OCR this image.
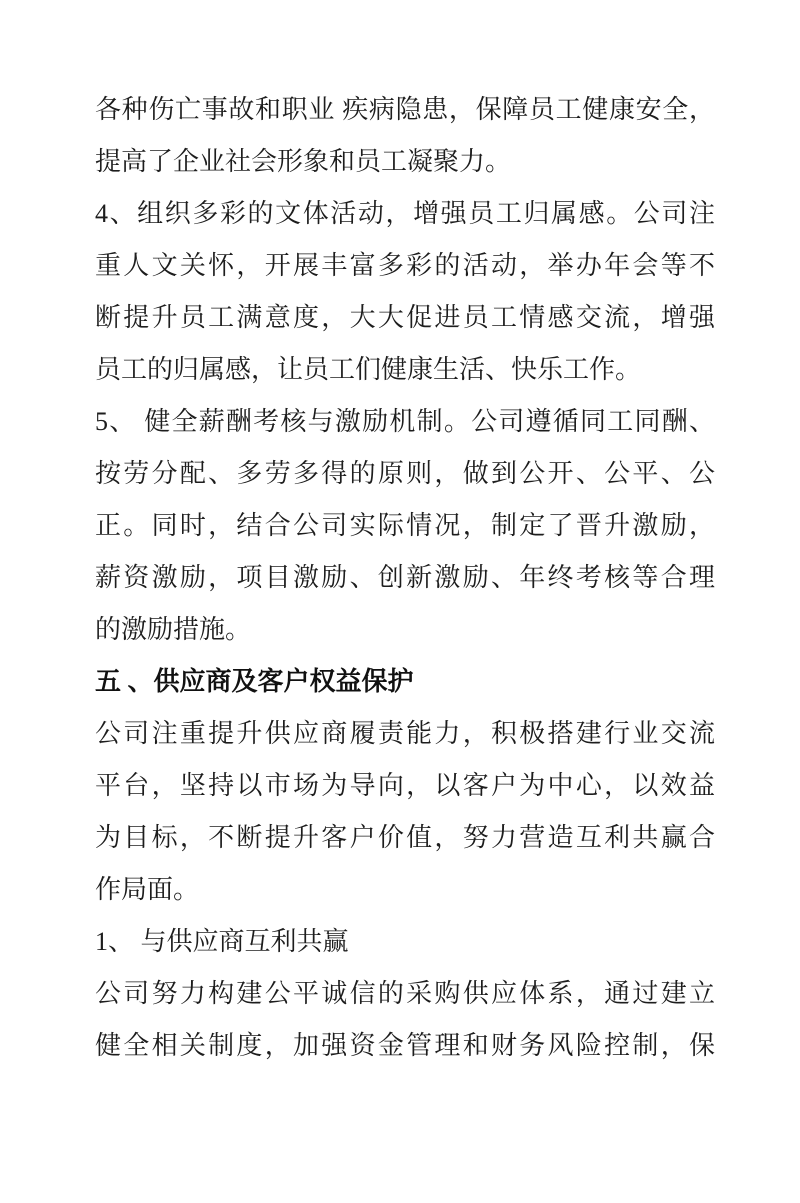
各种伤亡事故和职业 疾病隐患，保障员工健康安全，
提高了企业社会形象和员工凝聚力。
4、组织多彩的文体活动，增强员工归属感。公司注
重人文关怀，开展丰富多彩的活动，举办年会等不
断提升员工满意度，大大促进员工情感交流，增强
员工的归属感，让员工们健康生活、快乐工作。
5、 健全薪酬考核与激励机制。公司遵循同工同酬、
按劳分配、多劳多得的原则，做到公开、公平、公
正。同时，结合公司实际情况，制定了晋升激励，
薪资激励，项目激励、创新激励、年终考核等合理
的激励措施。
五 、供应商及客户权益保护
公司注重提升供应商履责能力，积极搭建行业交流
平台，坚持以市场为导向，以客户为中心，以效益
为目标，不断提升客户价值，努力营造互利共赢合
作局面。
1、 与供应商互利共赢
公司努力构建公平诚信的采购供应体系，通过建立
健全相关制度，加强资金管理和财务风险控制，保
